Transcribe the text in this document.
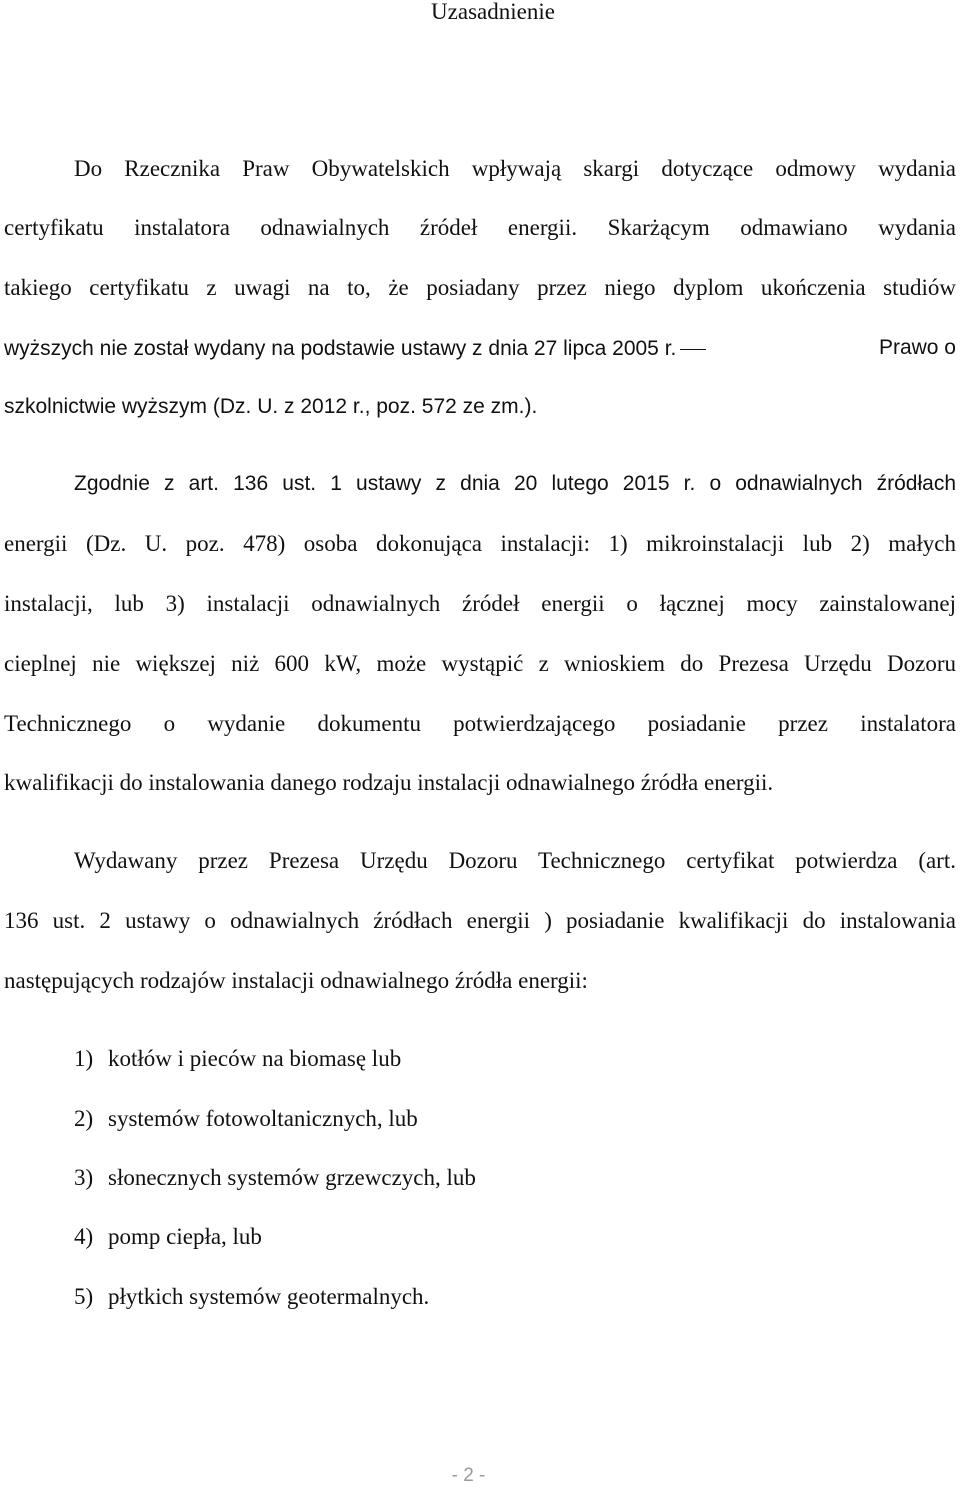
Uzasadnienie
Do Rzecznika Praw Obywatelskich wpływają skargi dotyczące odmowy wydania
certyfikatu instalatora odnawialnych źródeł energii. Skarżącym odmawiano wydania
takiego certyfikatu z uwagi na to, że posiadany przez niego dyplom ukończenia studiów
wyższych nie został wydany na podstawie ustawy z dnia 27 lipca 2005 r.	Prawo o
szkolnictwie wyższym (Dz. U. z 2012 r., poz. 572 ze zm.).
Zgodnie z art. 136 ust. 1 ustawy z dnia 20 lutego 2015 r. o odnawialnych źródłach
energii (Dz. U. poz. 478) osoba dokonująca instalacji: 1) mikroinstalacji lub 2) małych
instalacji, lub 3) instalacji odnawialnych źródeł energii o łącznej mocy zainstalowanej
cieplnej nie większej niż 600 kW, może wystąpić z wnioskiem do Prezesa Urzędu Dozoru
Technicznego o wydanie dokumentu potwierdzającego posiadanie przez instalatora
kwalifikacji do instalowania danego rodzaju instalacji odnawialnego źródła energii.
Wydawany przez Prezesa Urzędu Dozoru Technicznego certyfikat potwierdza (art.
136 ust. 2 ustawy o odnawialnych źródłach energii ) posiadanie kwalifikacji do instalowania
następujących rodzajów instalacji odnawialnego źródła energii:
1) kotłów i pieców na biomasę lub
2) systemów fotowoltanicznych, lub
3) słonecznych systemów grzewczych, lub
4) pomp ciepła, lub
5) płytkich systemów geotermalnych.
- 2 -
